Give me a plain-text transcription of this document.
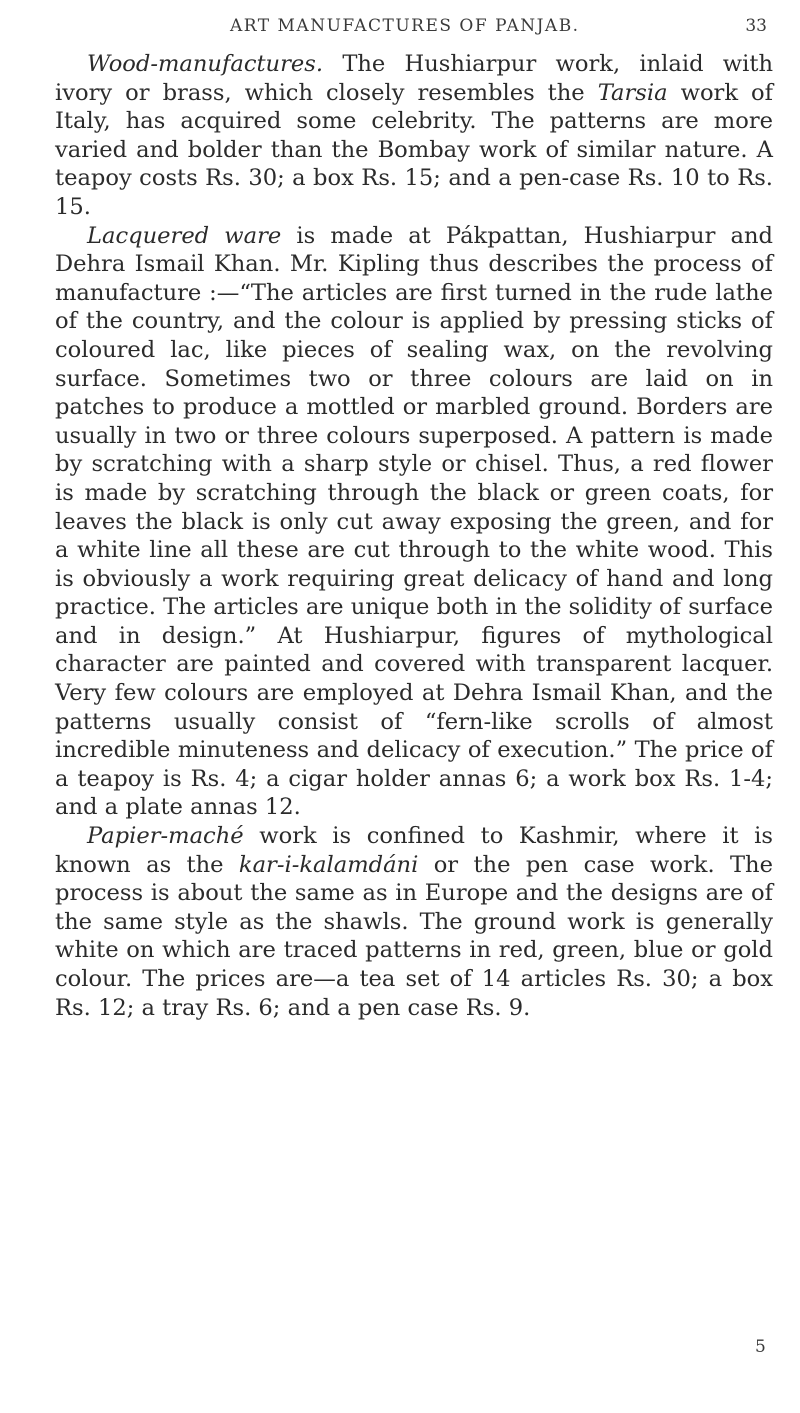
ART MANUFACTURES OF PANJAB.	33

Wood-manufactures. The Hushiarpur work, inlaid with ivory or brass, which closely resembles the Tarsia work of Italy, has acquired some celebrity. The patterns are more varied and bolder than the Bombay work of similar nature. A teapoy costs Rs. 30; a box Rs. 15; and a pen-case Rs. 10 to Rs. 15.

Lacquered ware is made at Pákpattan, Hushiarpur and Dehra Ismail Khan. Mr. Kipling thus describes the process of manufacture :—“The articles are first turned in the rude lathe of the country, and the colour is applied by pressing sticks of coloured lac, like pieces of sealing wax, on the revolving surface. Sometimes two or three colours are laid on in patches to produce a mottled or marbled ground. Borders are usually in two or three colours superposed. A pattern is made by scratching with a sharp style or chisel. Thus, a red flower is made by scratching through the black or green coats, for leaves the black is only cut away exposing the green, and for a white line all these are cut through to the white wood. This is obviously a work requiring great delicacy of hand and long practice. The articles are unique both in the solidity of surface and in design.” At Hushiarpur, figures of mythological character are painted and covered with transparent lacquer. Very few colours are employed at Dehra Ismail Khan, and the patterns usually consist of “fern-like scrolls of almost incredible minuteness and delicacy of execution.” The price of a teapoy is Rs. 4; a cigar holder annas 6; a work box Rs. 1-4; and a plate annas 12.

Papier-maché work is confined to Kashmir, where it is known as the kar-i-kalamdáni or the pen case work. The process is about the same as in Europe and the designs are of the same style as the shawls. The ground work is generally white on which are traced patterns in red, green, blue or gold colour. The prices are—a tea set of 14 articles Rs. 30; a box Rs. 12; a tray Rs. 6; and a pen case Rs. 9.

5
